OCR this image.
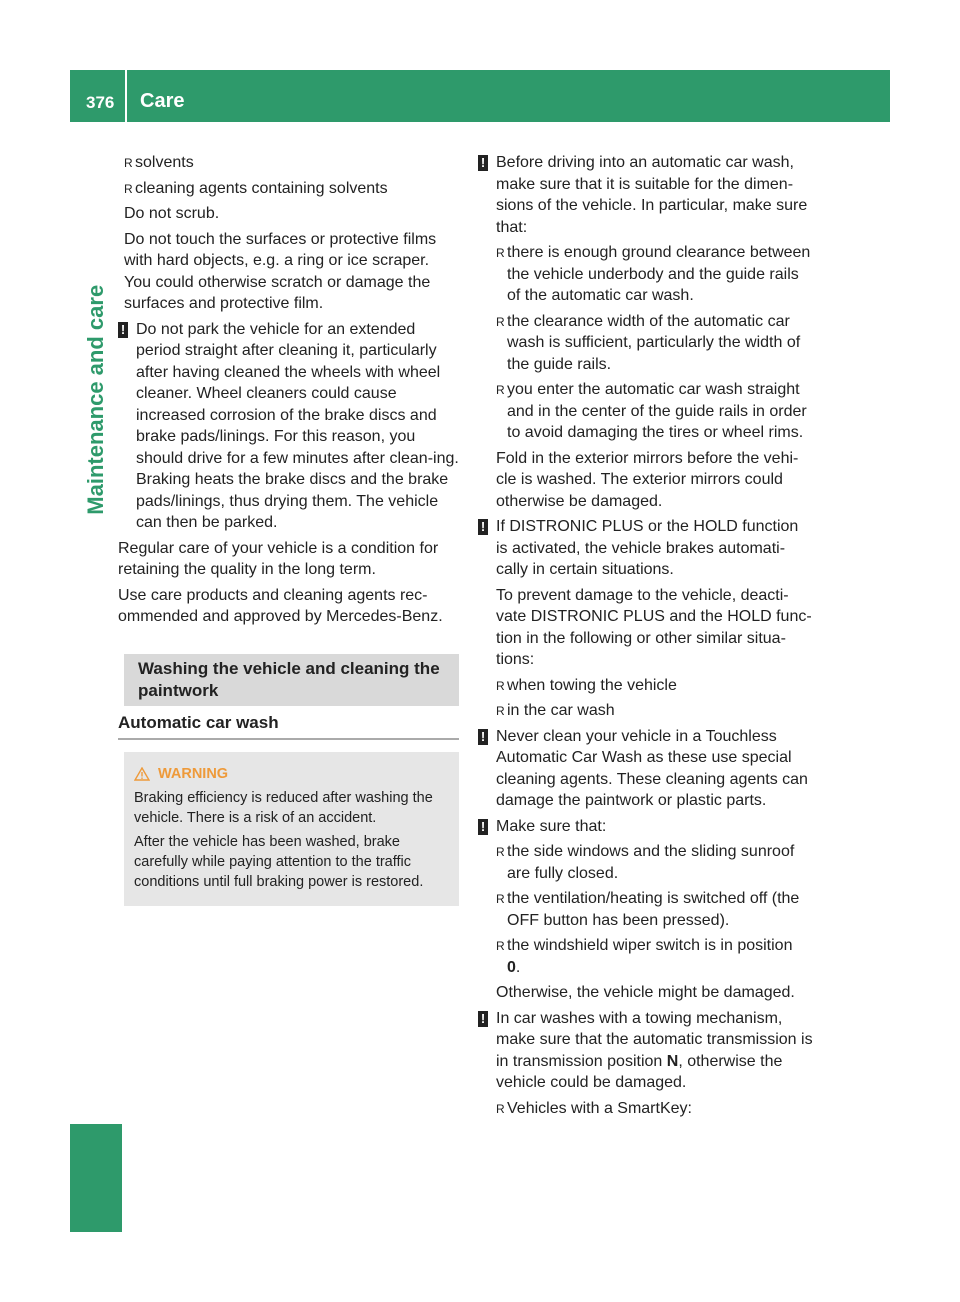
376 Care
Maintenance and care
R solvents
R cleaning agents containing solvents

Do not scrub.

Do not touch the surfaces or protective films with hard objects, e.g. a ring or ice scraper. You could otherwise scratch or damage the surfaces and protective film.

! Do not park the vehicle for an extended period straight after cleaning it, particularly after having cleaned the wheels with wheel cleaner. Wheel cleaners could cause increased corrosion of the brake discs and brake pads/linings. For this reason, you should drive for a few minutes after clean-ing. Braking heats the brake discs and the brake pads/linings, thus drying them. The vehicle can then be parked.

Regular care of your vehicle is a condition for retaining the quality in the long term.

Use care products and cleaning agents rec-ommended and approved by Mercedes-Benz.

Washing the vehicle and cleaning the paintwork
Automatic car wash
WARNING

Braking efficiency is reduced after washing the vehicle. There is a risk of an accident.

After the vehicle has been washed, brake carefully while paying attention to the traffic conditions until full braking power is restored.

! Before driving into an automatic car wash, make sure that it is suitable for the dimen-sions of the vehicle. In particular, make sure that:
R there is enough ground clearance between the vehicle underbody and the guide rails of the automatic car wash.
R the clearance width of the automatic car wash is sufficient, particularly the width of the guide rails.
R you enter the automatic car wash straight and in the center of the guide rails in order to avoid damaging the tires or wheel rims.

Fold in the exterior mirrors before the vehi-cle is washed. The exterior mirrors could otherwise be damaged.

! If DISTRONIC PLUS or the HOLD function is activated, the vehicle brakes automati-cally in certain situations.

To prevent damage to the vehicle, deacti-vate DISTRONIC PLUS and the HOLD func-tion in the following or other similar situa-tions:

R when towing the vehicle
R in the car wash
! Never clean your vehicle in a Touchless Automatic Car Wash as these use special cleaning agents. These cleaning agents can damage the paintwork or plastic parts.
! Make sure that:
R the side windows and the sliding sunroof are fully closed.
R the ventilation/heating is switched off (the OFF button has been pressed).
R the windshield wiper switch is in position
0.

Otherwise, the vehicle might be damaged.

! In car washes with a towing mechanism, make sure that the automatic transmission is in transmission position N, otherwise the vehicle could be damaged.
R Vehicles with a SmartKey:
